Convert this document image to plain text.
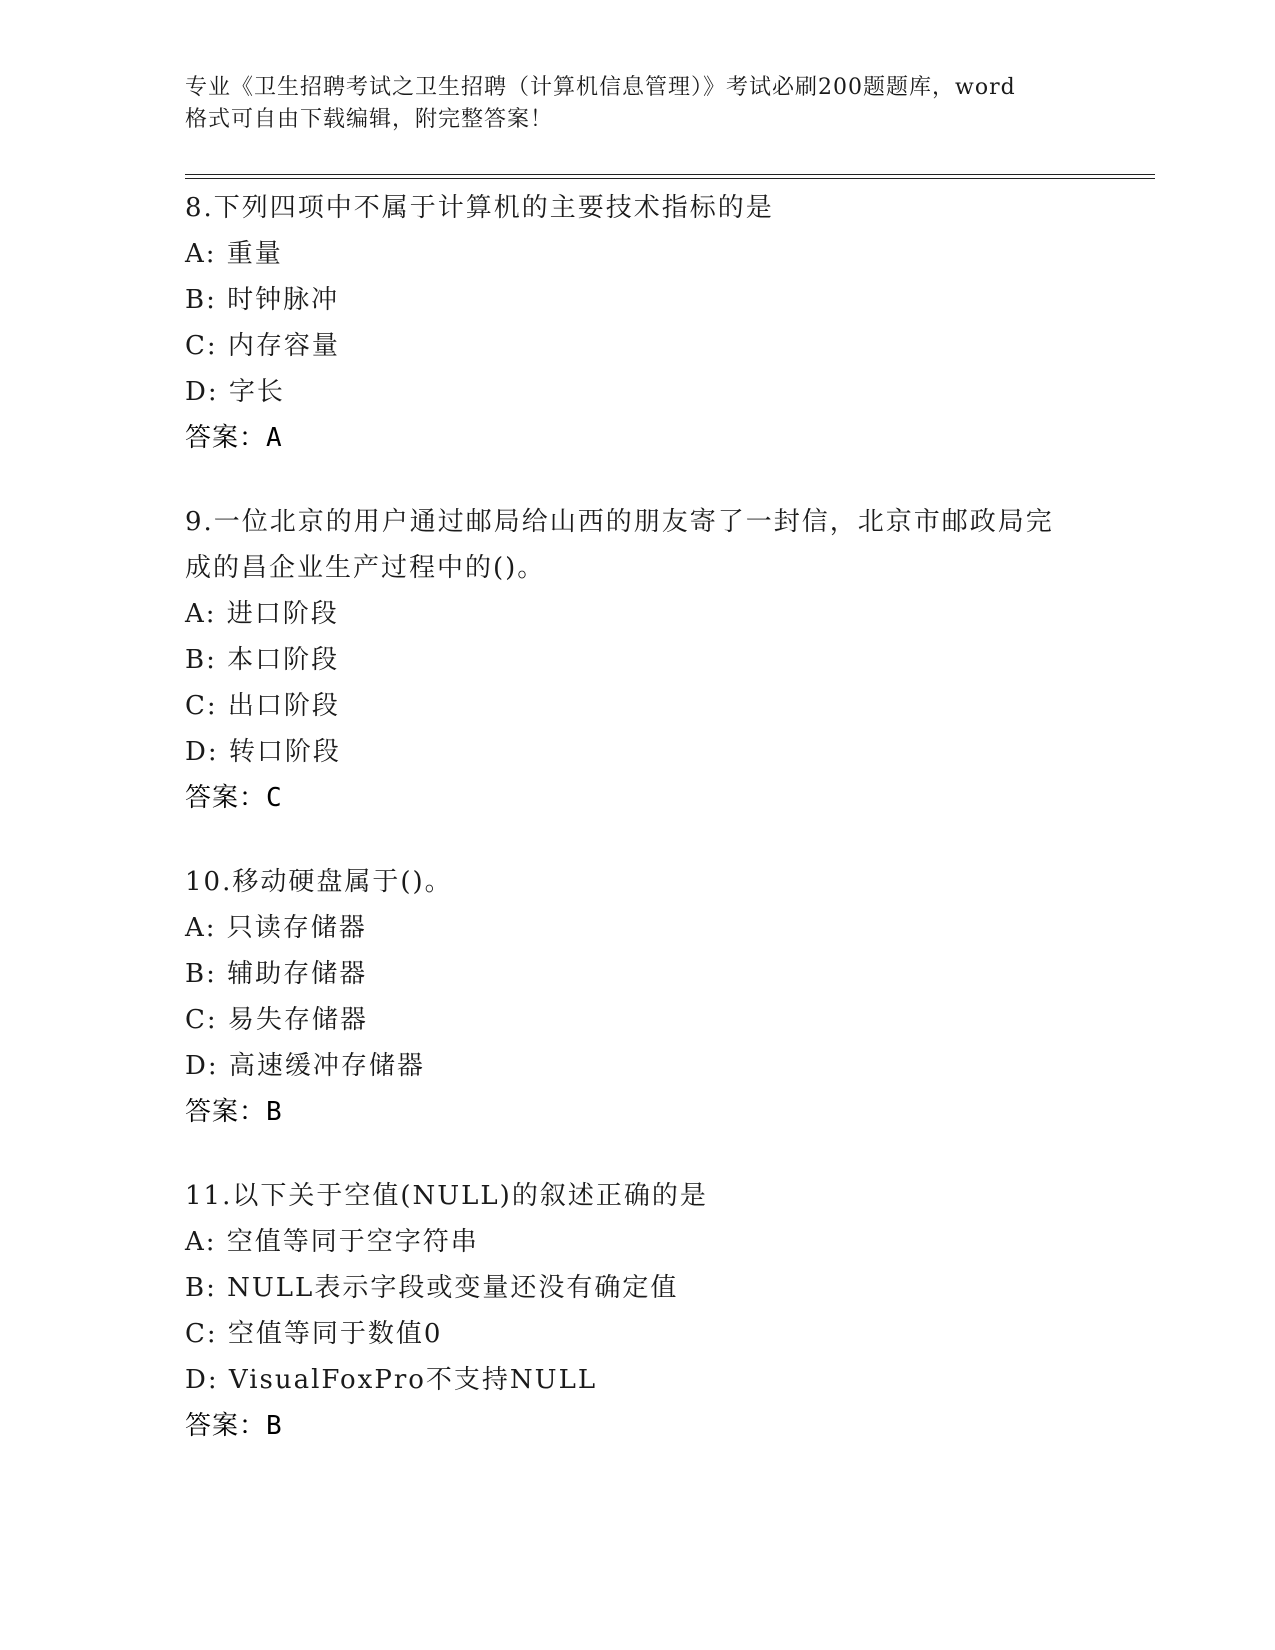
专业《卫生招聘考试之卫生招聘（计算机信息管理）》考试必刷200题题库，word
格式可自由下载编辑，附完整答案！
8.下列四项中不属于计算机的主要技术指标的是
A: 重量
B: 时钟脉冲
C: 内存容量
D: 字长
答案：A
9.一位北京的用户通过邮局给山西的朋友寄了一封信，北京市邮政局完成的昌企业生产过程中的()。
A: 进口阶段
B: 本口阶段
C: 出口阶段
D: 转口阶段
答案：C
10.移动硬盘属于()。
A: 只读存储器
B: 辅助存储器
C: 易失存储器
D: 高速缓冲存储器
答案：B
11.以下关于空值(NULL)的叙述正确的是
A: 空值等同于空字符串
B: NULL表示字段或变量还没有确定值
C: 空值等同于数值0
D: VisualFoxPro不支持NULL
答案：B
